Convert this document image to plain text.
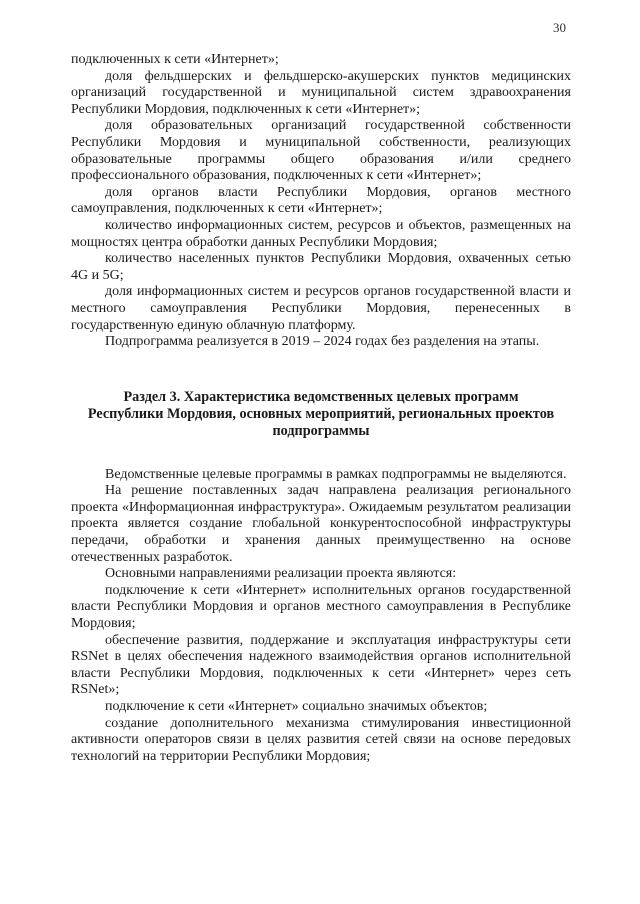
30

подключенных к сети «Интернет»;

доля фельдшерских и фельдшерско-акушерских пунктов медицинских организаций государственной и муниципальной систем здравоохранения Республики Мордовия, подключенных к сети «Интернет»;

доля образовательных организаций государственной собственности Республики Мордовия и муниципальной собственности, реализующих образовательные программы общего образования и/или среднего профессионального образования, подключенных к сети «Интернет»;

доля органов власти Республики Мордовия, органов местного самоуправления, подключенных к сети «Интернет»;

количество информационных систем, ресурсов и объектов, размещенных на мощностях центра обработки данных Республики Мордовия;

количество населенных пунктов Республики Мордовия, охваченных сетью 4G и 5G;

доля информационных систем и ресурсов органов государственной власти и местного самоуправления Республики Мордовия, перенесенных в государственную единую облачную платформу.

Подпрограмма реализуется в 2019 – 2024 годах без разделения на этапы.

Раздел 3. Характеристика ведомственных целевых программ
Республики Мордовия, основных мероприятий, региональных проектов
подпрограммы

Ведомственные целевые программы в рамках подпрограммы не выделяются.

На решение поставленных задач направлена реализация регионального проекта «Информационная инфраструктура». Ожидаемым результатом реализации проекта является создание глобальной конкурентоспособной инфраструктуры передачи, обработки и хранения данных преимущественно на основе отечественных разработок.

Основными направлениями реализации проекта являются:

подключение к сети «Интернет» исполнительных органов государственной власти Республики Мордовия и органов местного самоуправления в Республике Мордовия;

обеспечение развития, поддержание и эксплуатация инфраструктуры сети RSNet в целях обеспечения надежного взаимодействия органов исполнительной власти Республики Мордовия, подключенных к сети «Интернет» через сеть RSNet»;

подключение к сети «Интернет» социально значимых объектов;

создание дополнительного механизма стимулирования инвестиционной активности операторов связи в целях развития сетей связи на основе передовых технологий на территории Республики Мордовия;
